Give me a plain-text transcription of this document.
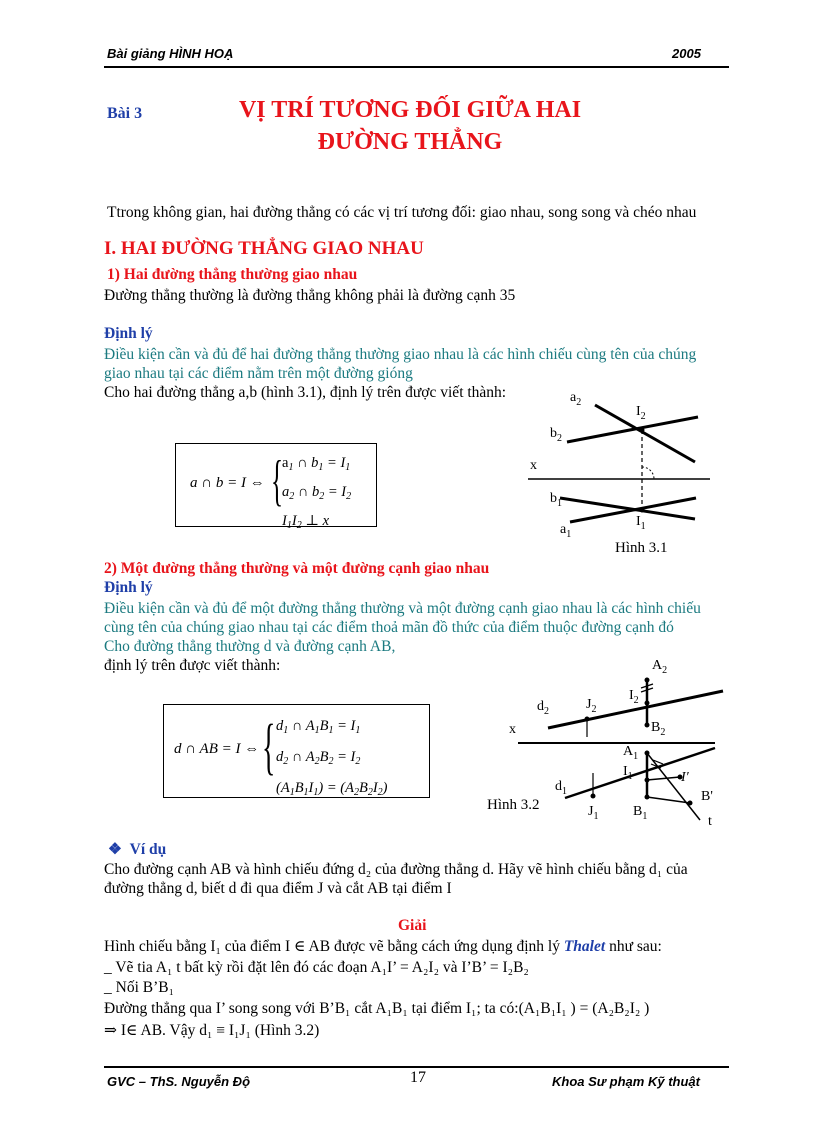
Bài giảng HÌNH HOẠ	2005
Bài 3	VỊ TRÍ TƯƠNG ĐỐI GIỮA HAI
ĐƯỜNG THẲNG
Ttrong không gian, hai đường thẳng có các vị trí tương đối: giao nhau, song song và chéo nhau
I. HAI ĐƯỜNG THẲNG GIAO NHAU
1) Hai đường thẳng thường giao nhau
Đường thẳng thường là đường thẳng không phải là đường cạnh 35
Định lý
Điều kiện cần và đủ để hai đường thẳng thường giao nhau là các hình chiếu cùng tên của chúng
giao nhau tại các điểm nằm trên một đường gióng
Cho hai đường thẳng a,b (hình 3.1), định lý trên được viết thành:
a ∩ b = I ⇔ {
$a_1$ ∩ $b_1 = I_1$
$a_2$ ∩ $b_2 = I_2$
$I_1I_2$ ⊥ x
$a_2$
$I_2$
$b_2$
x
$b_1$
$I_1$
$a_1$
Hình 3.1
2) Một đường thẳng thường và một đường cạnh giao nhau
Định lý
Điều kiện cần và đủ để một đường thẳng thường và một đường cạnh giao nhau là các hình chiếu
cùng tên của chúng giao nhau tại các điểm thoả mãn đồ thức của điểm thuộc đường cạnh đó
Cho đường thẳng thường d và đường cạnh AB,
định lý trên được viết thành:
d ∩ AB = I ⇔ { $d_1$ ∩ $A_1B_1 = I_1$
$d_2$ ∩ $A_2B_2 = I_2$
$(A_1B_1I_1) = (A_2B_2I_2)$
$A_2$
$I_2$
$d_2$	$J_2$
$B_2$
x
$A_1$
$I_1$	I′
$d_1$	B'
$J_1$ $B_1$	t
Hình 3.2
❖ Ví dụ
Cho đường cạnh AB và hình chiếu đứng d₂ của đường thẳng d. Hãy vẽ hình chiếu bằng d₁ của
đường thẳng d, biết d đi qua điểm J và cắt AB tại điểm I
Giải
Hình chiếu bằng I₁ của điểm I ∈ AB được vẽ bằng cách ứng dụng định lý Thalet như sau:
_ Vẽ tia A₁ t bất kỳ rồi đặt lên đó các đoạn A₁I’ = A₂I₂ và I’B’ = I₂B₂
_ Nối B’B₁
Đường thẳng qua I’ song song với B’B₁ cắt A₁B₁ tại điểm I₁; ta có:(A₁B₁I₁ ) = (A₂B₂I₂ )
⇒ I∈ AB. Vậy d₁ ≡ I₁J₁ (Hình 3.2)
GVC – ThS. Nguyễn Độ	17	Khoa Sư phạm Kỹ thuật
